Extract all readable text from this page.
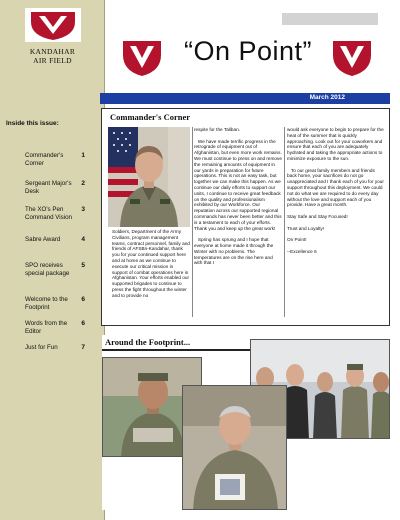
KANDAHAR
AIR FIELD
Inside this issue:
Commander's Corner
1
Sergeant Major's Desk
2
The XO's Pen Command Vision
3
Sabre Award	4
SPO receives special package
5
Welcome to the Footprint
6
Words from the Editor
6
Just for Fun	7
“On Point”
March 2012
Commander's Corner
Soldiers, Department of the Army Civilians, program management teams, contract personnel, family and friends of AFSBn-Kandahar, thank you for your continued support here and at home as we continue to execute our critical mission in support of combat operations here in Afghanistan. Your efforts enabled our supported brigades to continue to press the fight throughout the winter and to provide no
respite for the Taliban.

We have made terrific progress in the retrograde of equipment out of Afghanistan, but even more work remains. We must continue to press on and remove the remaining amounts of equipment in our yards in preparation for future operations. This is not an easy task, but together we can make this happen. As we continue our daily efforts to support our units, I continue to receive great feedback on the quality and professionalism exhibited by our Workforce. Our reputation across our supported regional commands has never been better and this is a testament to each of your efforts. Thank you and keep up the great work!

Spring has sprung and I hope that everyone at home made it through the Winter with no problems. The temperatures are on the rise here and with that I
would ask everyone to begin to prepare for the heat of the summer that is quickly approaching. Look out for your coworkers and ensure that each of you are adequately hydrated and taking the appropriate actions to minimize exposure to the sun.

To our great family members and friends back home, your sacrifices do not go unappreciated and I thank each of you for your support throughout this deployment. We could not do what we are required to do every day without the love and support each of you provide. Have a great month.

Stay Safe and Stay Focused!

Trust and Loyalty!

On Point!

--Excellence 6
Around the Footprint...
